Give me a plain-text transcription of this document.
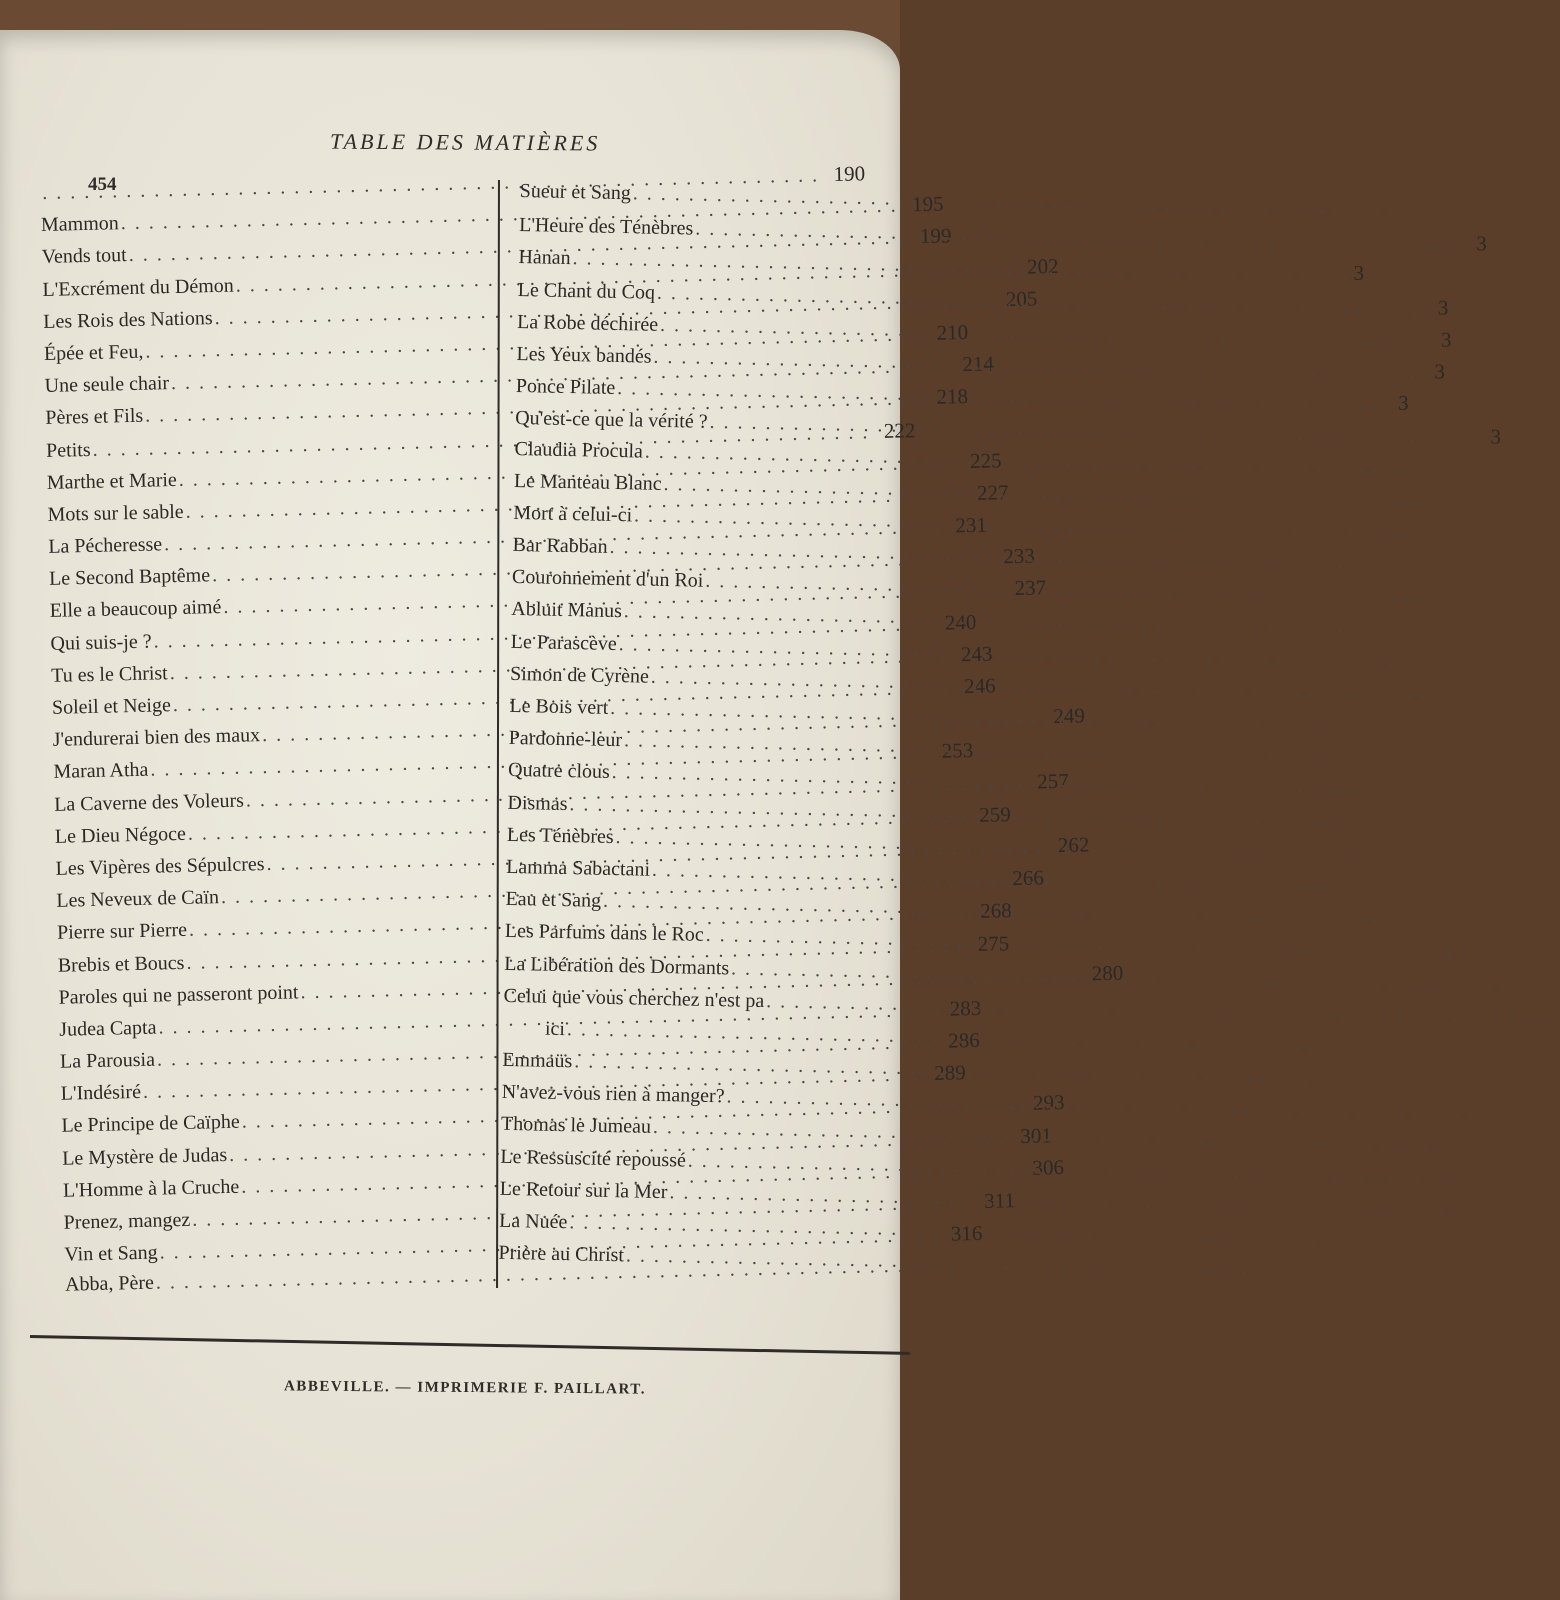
TABLE DES MATIÈRES
454
. . .	190
Mammon
. . .
195
Vends tout
. . .
199
L'Excrément du Démon
. . .
202
Les Rois des Nations
. . .
205
Épée et Feu,
. . .
210
Une seule chair
. . .
214
Pères et Fils
. . .
218
Petits
. . .
222
Marthe et Marie
. . .
225
Mots sur le sable
. . .
227
La Pécheresse
. . .
231
Le Second Baptême
. . .
233
Elle a beaucoup aimé
. . .
237
Qui suis-je ?
. . .
240
Tu es le Christ
. . .
243
Soleil et Neige
. . .
246
J'endurerai bien des maux
. . .
249
Maran Atha
. . .
253
La Caverne des Voleurs
. . .
257
Le Dieu Négoce
. . .
259
Les Vipères des Sépulcres
. . .
262
Les Neveux de Caïn
. . .
266
Pierre sur Pierre
. . .
268
Brebis et Boucs
. . .
275
Paroles qui ne passeront point
. . .
280
Judea Capta
. . .
283
La Parousia
. . .
286
L'Indésiré
. . .
289
Le Principe de Caïphe
. . .
293
Le Mystère de Judas
. . .
301
L'Homme à la Cruche
. . .
306
Prenez, mangez
. . .
311
Vin et Sang
. . .
316
Abba, Père
. . .
Sueur et Sang
. . .
L'Heure des Ténèbres
. . .
3
Hanan
. . .
3
Le Chant du Coq
. . .
3
La Robe déchirée
. . .
3
Les Yeux bandés
. . .
3
Ponce Pilate
. . .
3
Qu'est-ce que la vérité ?
. . .
3
Claudia Procula
. . .
Le Manteau Blanc
. . .
Mort à celui-ci
. . .
Bar Rabban
. . .
Couronnement d'un Roi
. . .
Abluit Manus
. . .
Le Parascève
. . .
Simon de Cyrène
. . .
Le Bois vert
. . .
Pardonne-leur
. . .
Quatre clous
. . .
Dismas
. . .
Les Ténèbres
. . .
Lamma Sabactani
. . .
Eau et Sang
. . .
Les Parfums dans le Roc
. . .
La Libération des Dormants
. . .
Celui que vous cherchez n'est pa
. . .
ici
. . .
Emmaüs
. . .
N'avez-vous rien à manger?
. . .
Thomas le Jumeau
. . .
Le Ressuscité repoussé
. . .
Le Retour sur la Mer
. . .
La Nuée
. . .
Prière au Christ
. . .
ABBEVILLE. — IMPRIMERIE F. PAILLART.
